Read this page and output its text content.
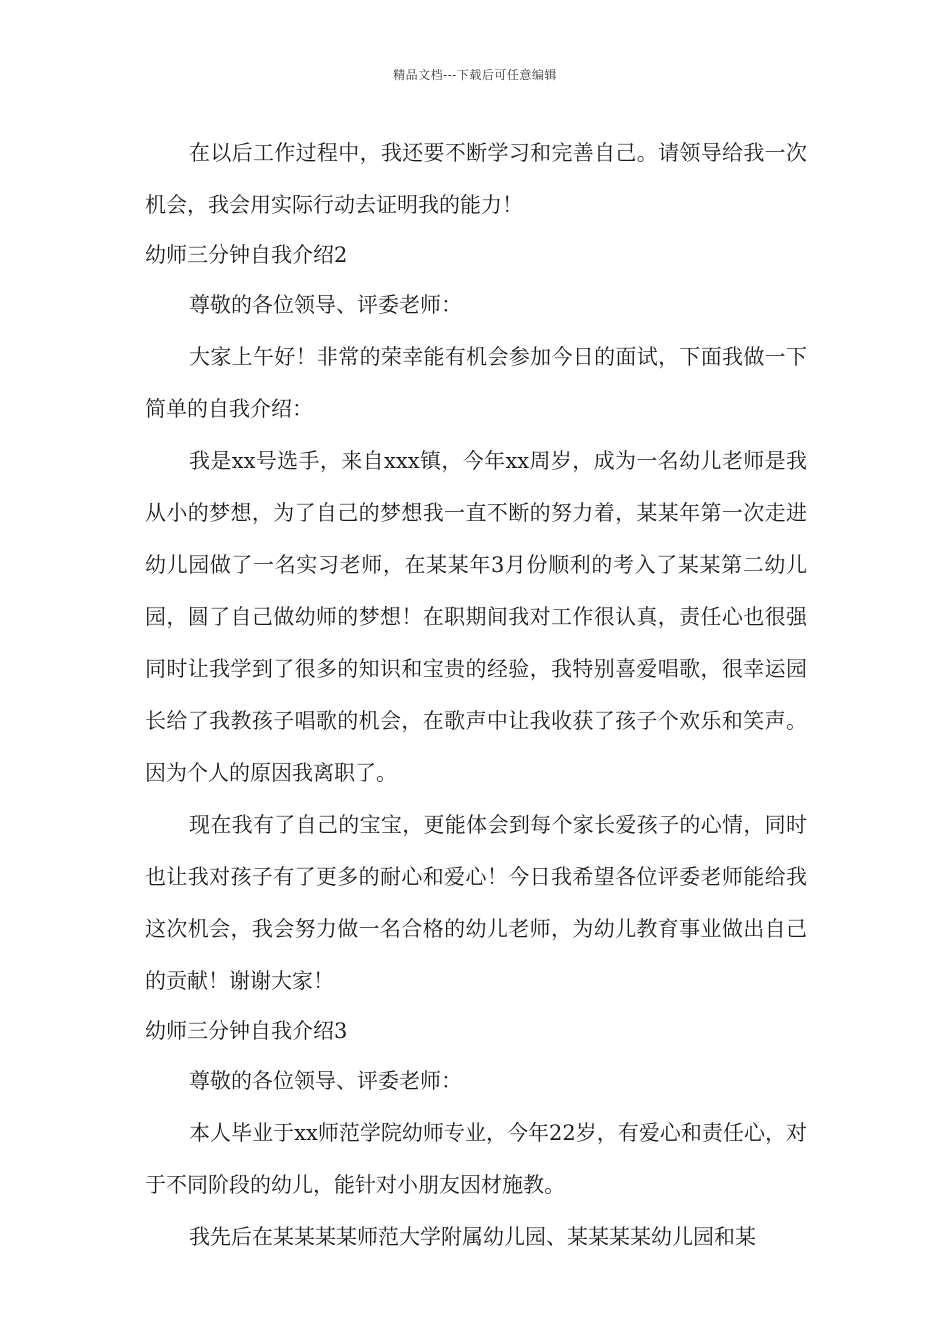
精品文档---下载后可任意编辑

在以后工作过程中，我还要不断学习和完善自己。请领导给我一次机会，我会用实际行动去证明我的能力！

幼师三分钟自我介绍2

尊敬的各位领导、评委老师：

大家上午好！非常的荣幸能有机会参加今日的面试，下面我做一下简单的自我介绍：

我是xx号选手，来自xxx镇，今年xx周岁，成为一名幼儿老师是我从小的梦想，为了自己的梦想我一直不断的努力着，某某年第一次走进幼儿园做了一名实习老师，在某某年3月份顺利的考入了某某第二幼儿园，圆了自己做幼师的梦想！在职期间我对工作很认真，责任心也很强同时让我学到了很多的知识和宝贵的经验，我特别喜爱唱歌，很幸运园长给了我教孩子唱歌的机会，在歌声中让我收获了孩子个欢乐和笑声。因为个人的原因我离职了。

现在我有了自己的宝宝，更能体会到每个家长爱孩子的心情，同时也让我对孩子有了更多的耐心和爱心！今日我希望各位评委老师能给我这次机会，我会努力做一名合格的幼儿老师，为幼儿教育事业做出自己的贡献！谢谢大家！

幼师三分钟自我介绍3

尊敬的各位领导、评委老师：

本人毕业于xx师范学院幼师专业，今年22岁，有爱心和责任心，对于不同阶段的幼儿，能针对小朋友因材施教。

我先后在某某某某师范大学附属幼儿园、某某某某幼儿园和某
